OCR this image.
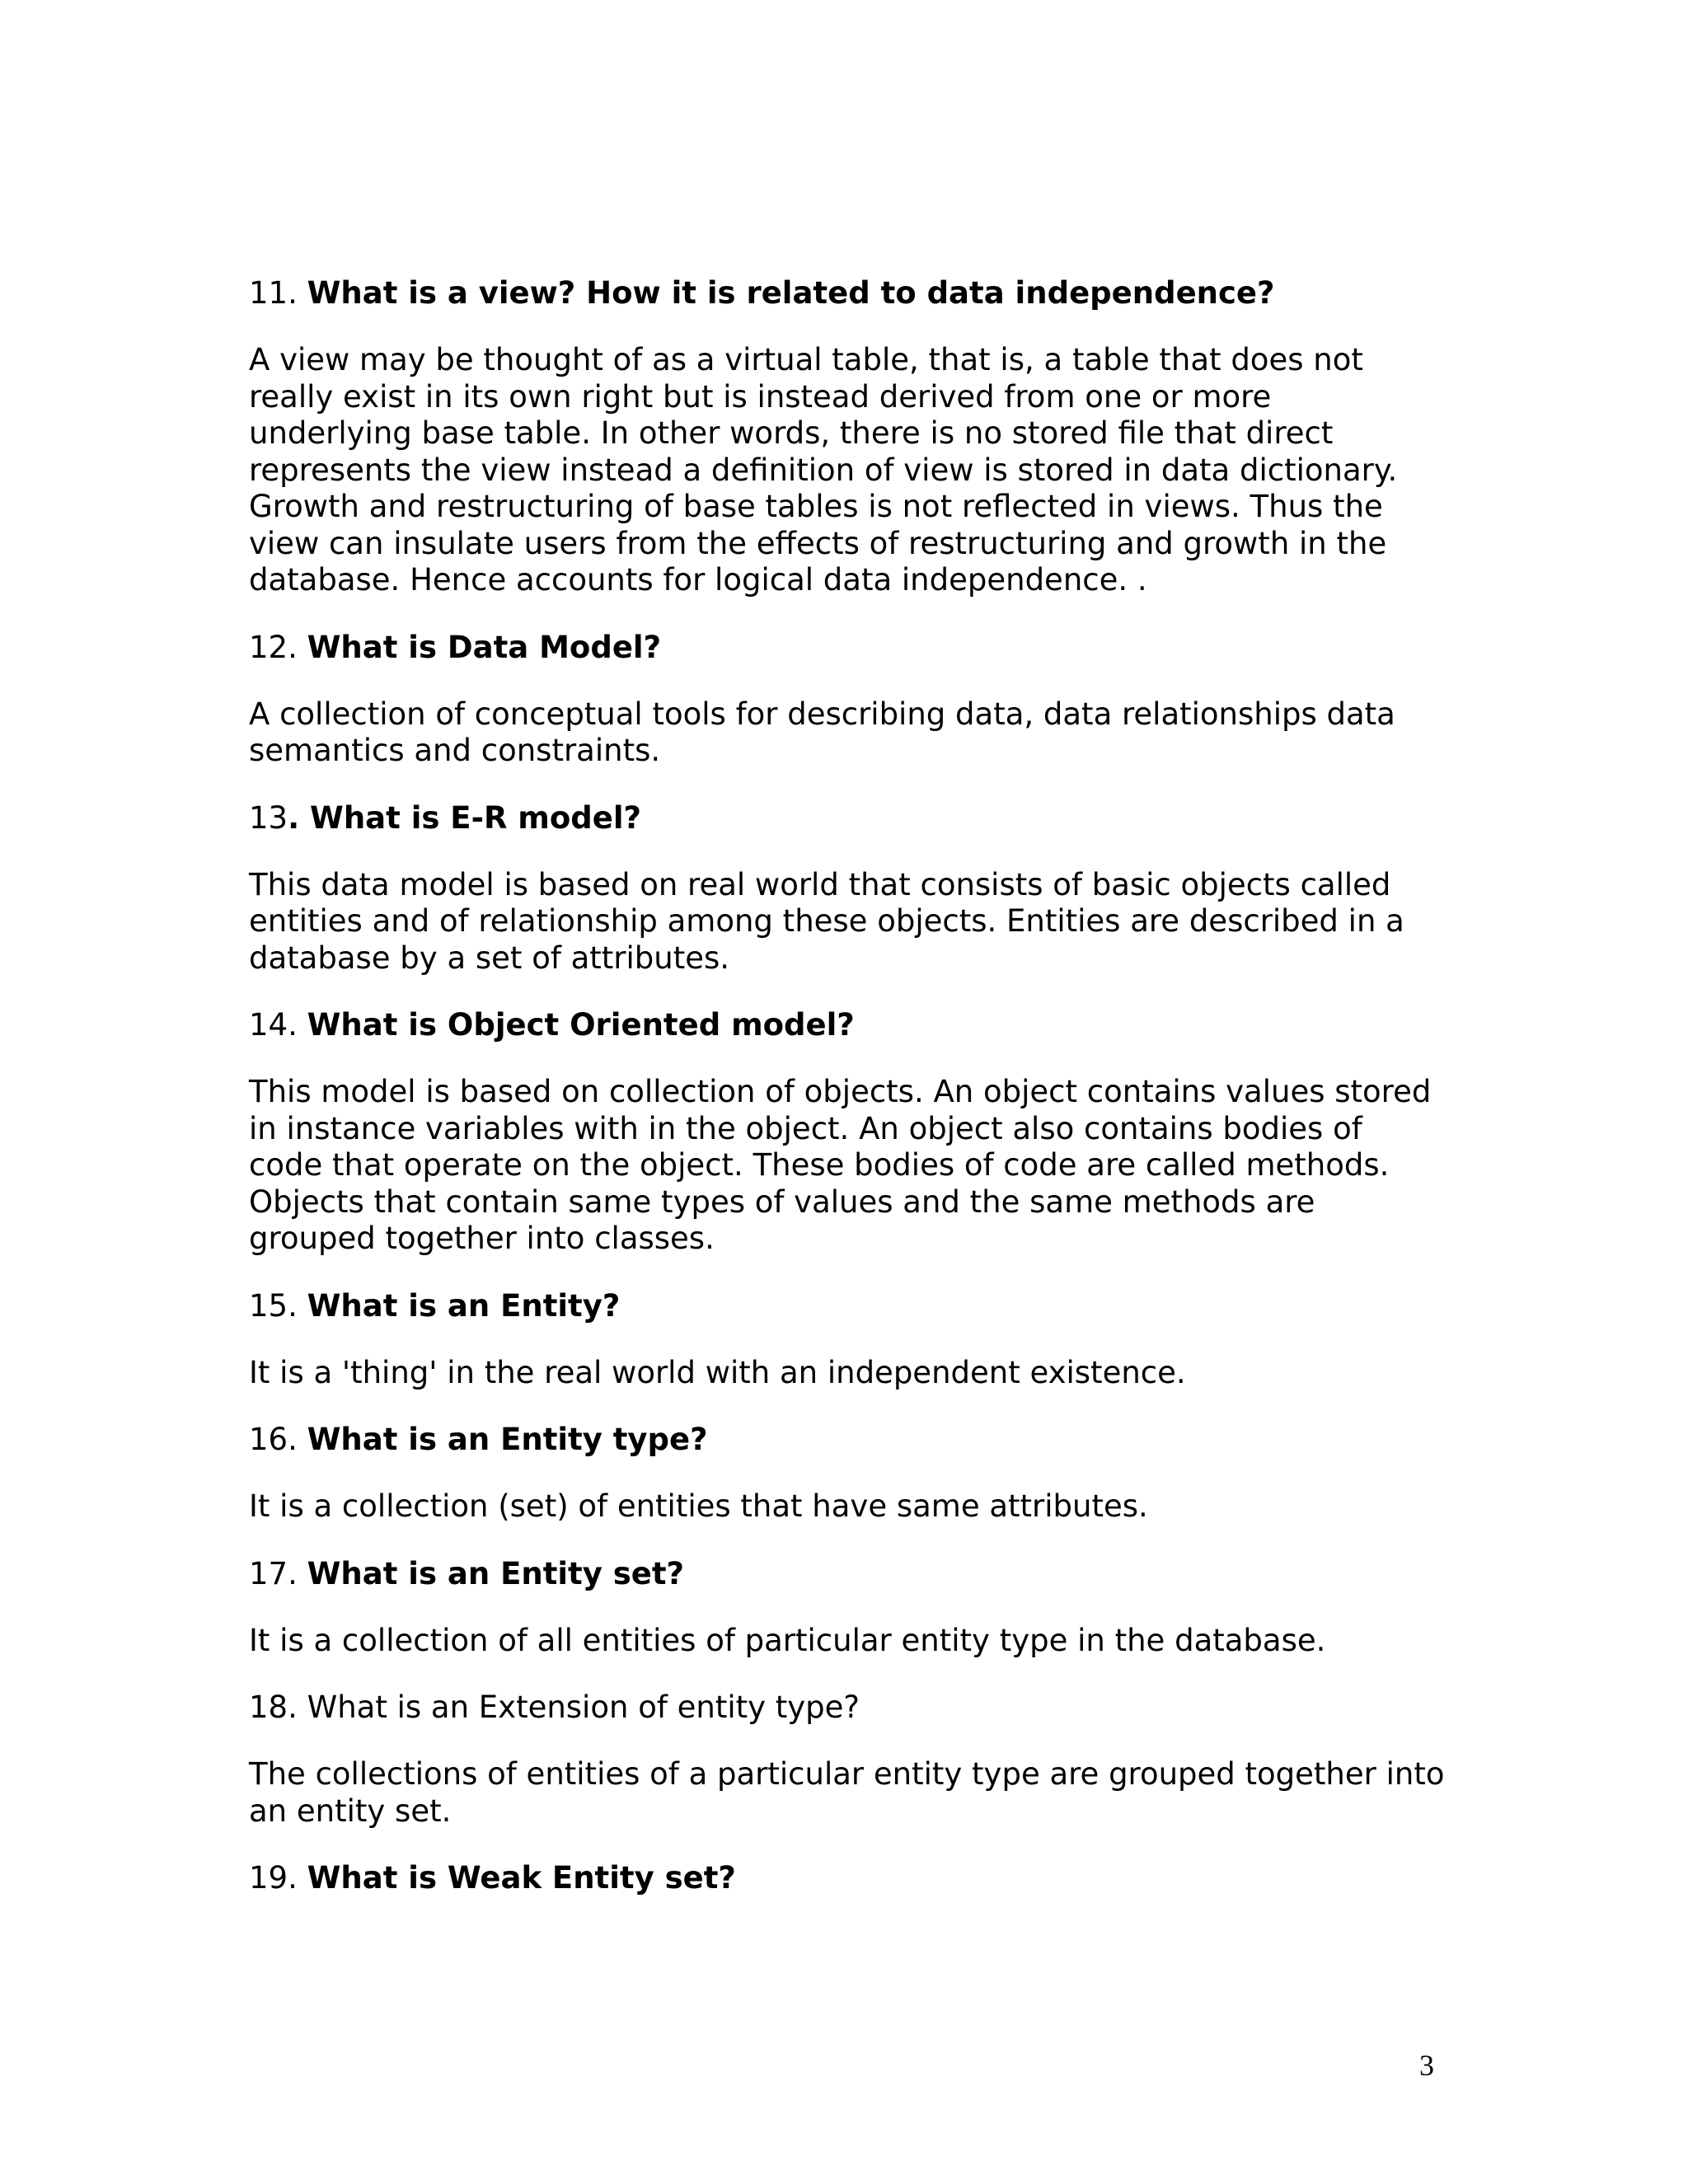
11. What is a view? How it is related to data independence?
A view may be thought of as a virtual table, that is, a table that does not
really exist in its own right but is instead derived from one or more
underlying base table. In other words, there is no stored file that direct
represents the view instead a definition of view is stored in data dictionary.
Growth and restructuring of base tables is not reflected in views. Thus the
view can insulate users from the effects of restructuring and growth in the
database. Hence accounts for logical data independence. .
12. What is Data Model?
A collection of conceptual tools for describing data, data relationships data
semantics and constraints.
13. What is E-R model?
This data model is based on real world that consists of basic objects called
entities and of relationship among these objects. Entities are described in a
database by a set of attributes.
14. What is Object Oriented model?
This model is based on collection of objects. An object contains values stored
in instance variables with in the object. An object also contains bodies of
code that operate on the object. These bodies of code are called methods.
Objects that contain same types of values and the same methods are
grouped together into classes.
15. What is an Entity?
It is a 'thing' in the real world with an independent existence.
16. What is an Entity type?
It is a collection (set) of entities that have same attributes.
17. What is an Entity set?
It is a collection of all entities of particular entity type in the database.
18. What is an Extension of entity type?
The collections of entities of a particular entity type are grouped together into
an entity set.
19. What is Weak Entity set?
3
